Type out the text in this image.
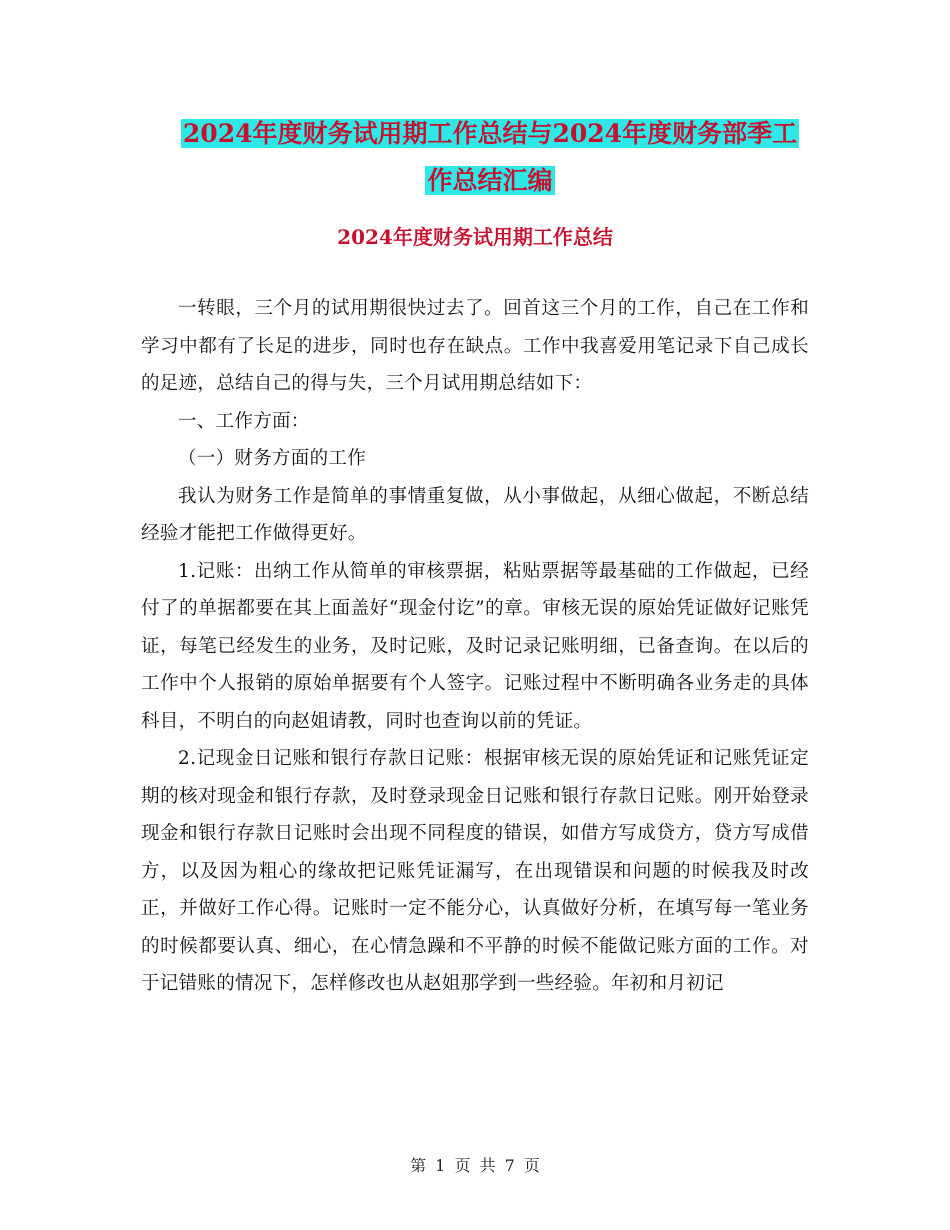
2024年度财务试用期工作总结与2024年度财务部季工
作总结汇编
2024年度财务试用期工作总结

一转眼，三个月的试用期很快过去了。回首这三个月的工作，自己在工作和学习中都有了长足的进步，同时也存在缺点。工作中我喜爱用笔记录下自己成长的足迹，总结自己的得与失，三个月试用期总结如下：

一、工作方面：

（一）财务方面的工作

我认为财务工作是简单的事情重复做，从小事做起，从细心做起，不断总结经验才能把工作做得更好。

1.记账：出纳工作从简单的审核票据，粘贴票据等最基础的工作做起，已经付了的单据都要在其上面盖好“现金付讫”的章。审核无误的原始凭证做好记账凭证，每笔已经发生的业务，及时记账，及时记录记账明细，已备查询。在以后的工作中个人报销的原始单据要有个人签字。记账过程中不断明确各业务走的具体科目，不明白的向赵姐请教，同时也查询以前的凭证。

2.记现金日记账和银行存款日记账：根据审核无误的原始凭证和记账凭证定期的核对现金和银行存款，及时登录现金日记账和银行存款日记账。刚开始登录现金和银行存款日记账时会出现不同程度的错误，如借方写成贷方，贷方写成借方，以及因为粗心的缘故把记账凭证漏写，在出现错误和问题的时候我及时改正，并做好工作心得。记账时一定不能分心，认真做好分析，在填写每一笔业务的时候都要认真、细心，在心情急躁和不平静的时候不能做记账方面的工作。对于记错账的情况下，怎样修改也从赵姐那学到一些经验。年初和月初记

第 1 页 共 7 页
